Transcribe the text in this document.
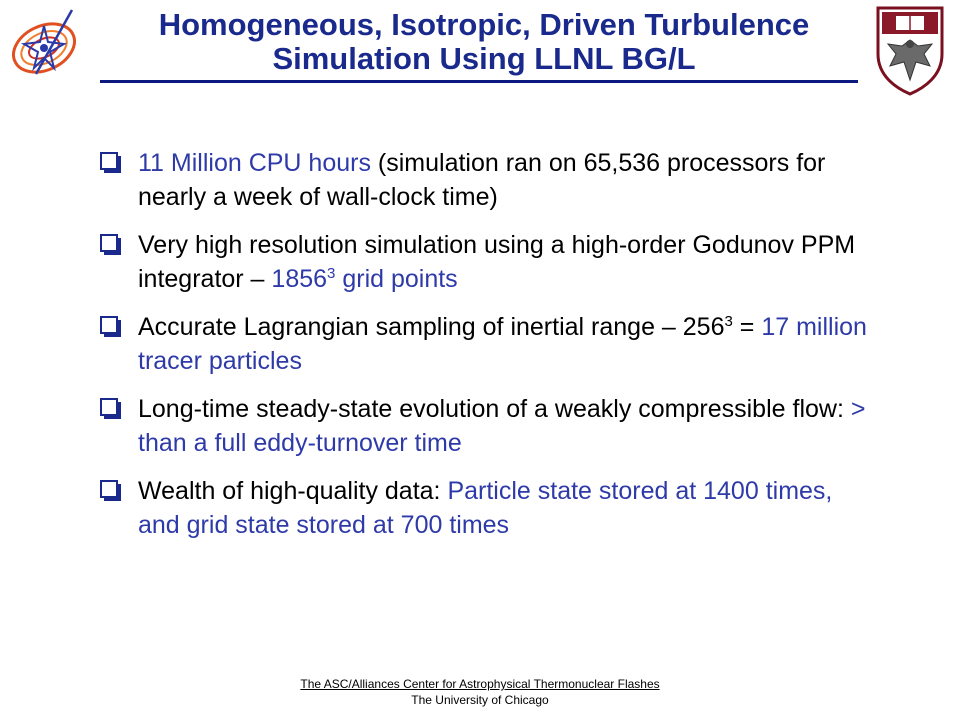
Homogeneous, Isotropic, Driven Turbulence
Simulation Using LLNL BG/L
11 Million CPU hours (simulation ran on 65,536 processors for nearly a week of wall-clock time)
Very high resolution simulation using a high-order Godunov PPM integrator – 1856$^3$ grid points
Accurate Lagrangian sampling of inertial range – $256^3 = 17$ million tracer particles
Long-time steady-state evolution of a weakly compressible flow: > than a full eddy-turnover time
Wealth of high-quality data: Particle state stored at 1400 times, and grid state stored at 700 times
The ASC/Alliances Center for Astrophysical Thermonuclear Flashes
The University of Chicago
